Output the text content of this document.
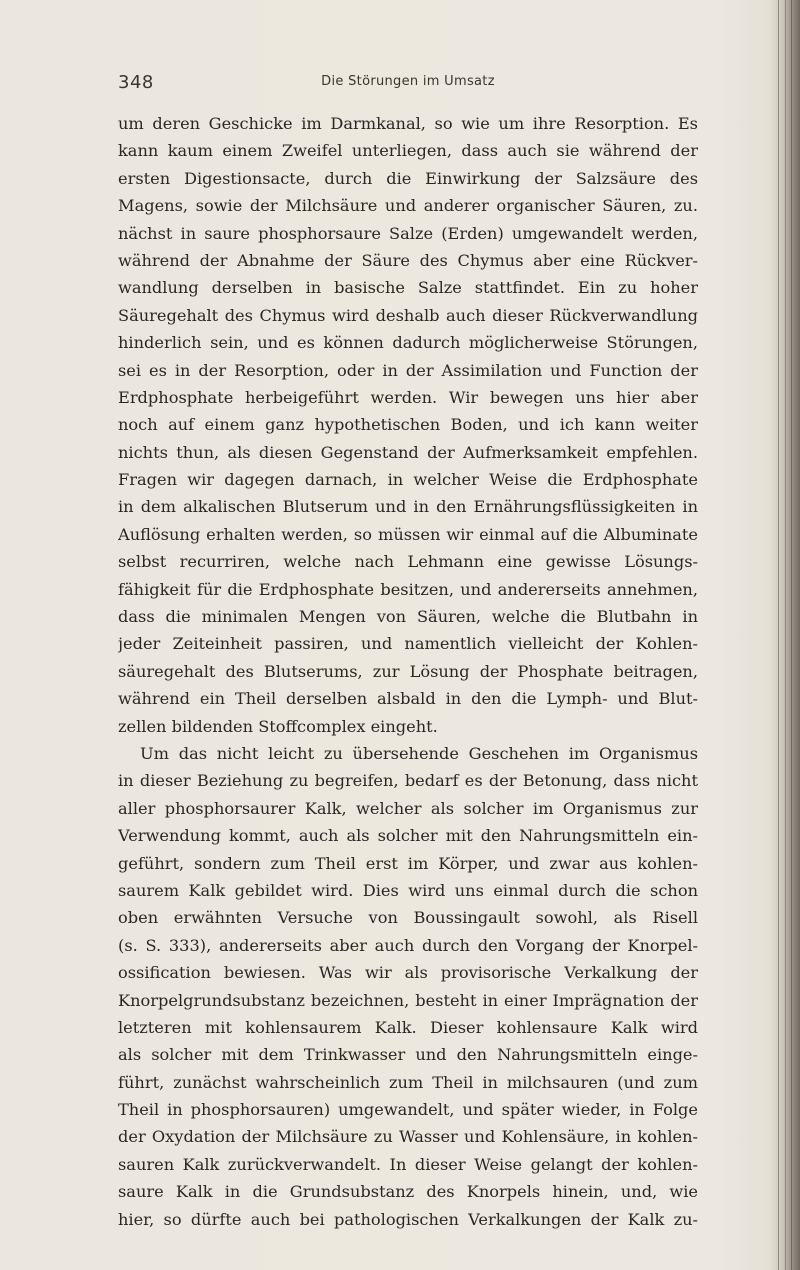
348	Die Störungen im Umsatz
um deren Geschicke im Darmkanal, so wie um ihre Resorption. Es
kann kaum einem Zweifel unterliegen, dass auch sie während der
ersten Digestionsacte, durch die Einwirkung der Salzsäure des
Magens, sowie der Milchsäure und anderer organischer Säuren, zu.
nächst in saure phosphorsaure Salze (Erden) umgewandelt werden,
während der Abnahme der Säure des Chymus aber eine Rückver-
wandlung derselben in basische Salze stattfindet. Ein zu hoher
Säuregehalt des Chymus wird deshalb auch dieser Rückverwandlung
hinderlich sein, und es können dadurch möglicherweise Störungen,
sei es in der Resorption, oder in der Assimilation und Function der
Erdphosphate herbeigeführt werden. Wir bewegen uns hier aber
noch auf einem ganz hypothetischen Boden, und ich kann weiter
nichts thun, als diesen Gegenstand der Aufmerksamkeit empfehlen.
Fragen wir dagegen darnach, in welcher Weise die Erdphosphate
in dem alkalischen Blutserum und in den Ernährungsflüssigkeiten in
Auflösung erhalten werden, so müssen wir einmal auf die Albuminate
selbst recurriren, welche nach Lehmann eine gewisse Lösungs-
fähigkeit für die Erdphosphate besitzen, und andererseits annehmen,
dass die minimalen Mengen von Säuren, welche die Blutbahn in
jeder Zeiteinheit passiren, und namentlich vielleicht der Kohlen-
säuregehalt des Blutserums, zur Lösung der Phosphate beitragen,
während ein Theil derselben alsbald in den die Lymph- und Blut-
zellen bildenden Stoffcomplex eingeht.
Um das nicht leicht zu übersehende Geschehen im Organismus
in dieser Beziehung zu begreifen, bedarf es der Betonung, dass nicht
aller phosphorsaurer Kalk, welcher als solcher im Organismus zur
Verwendung kommt, auch als solcher mit den Nahrungsmitteln ein-
geführt, sondern zum Theil erst im Körper, und zwar aus kohlen-
saurem Kalk gebildet wird. Dies wird uns einmal durch die schon
oben erwähnten Versuche von Boussingault sowohl, als Risell
(s. S. 333), andererseits aber auch durch den Vorgang der Knorpel-
ossification bewiesen. Was wir als provisorische Verkalkung der
Knorpelgrundsubstanz bezeichnen, besteht in einer Imprägnation der
letzteren mit kohlensaurem Kalk. Dieser kohlensaure Kalk wird
als solcher mit dem Trinkwasser und den Nahrungsmitteln einge-
führt, zunächst wahrscheinlich zum Theil in milchsauren (und zum
Theil in phosphorsauren) umgewandelt, und später wieder, in Folge
der Oxydation der Milchsäure zu Wasser und Kohlensäure, in kohlen-
sauren Kalk zurückverwandelt. In dieser Weise gelangt der kohlen-
saure Kalk in die Grundsubstanz des Knorpels hinein, und, wie
hier, so dürfte auch bei pathologischen Verkalkungen der Kalk zu-
